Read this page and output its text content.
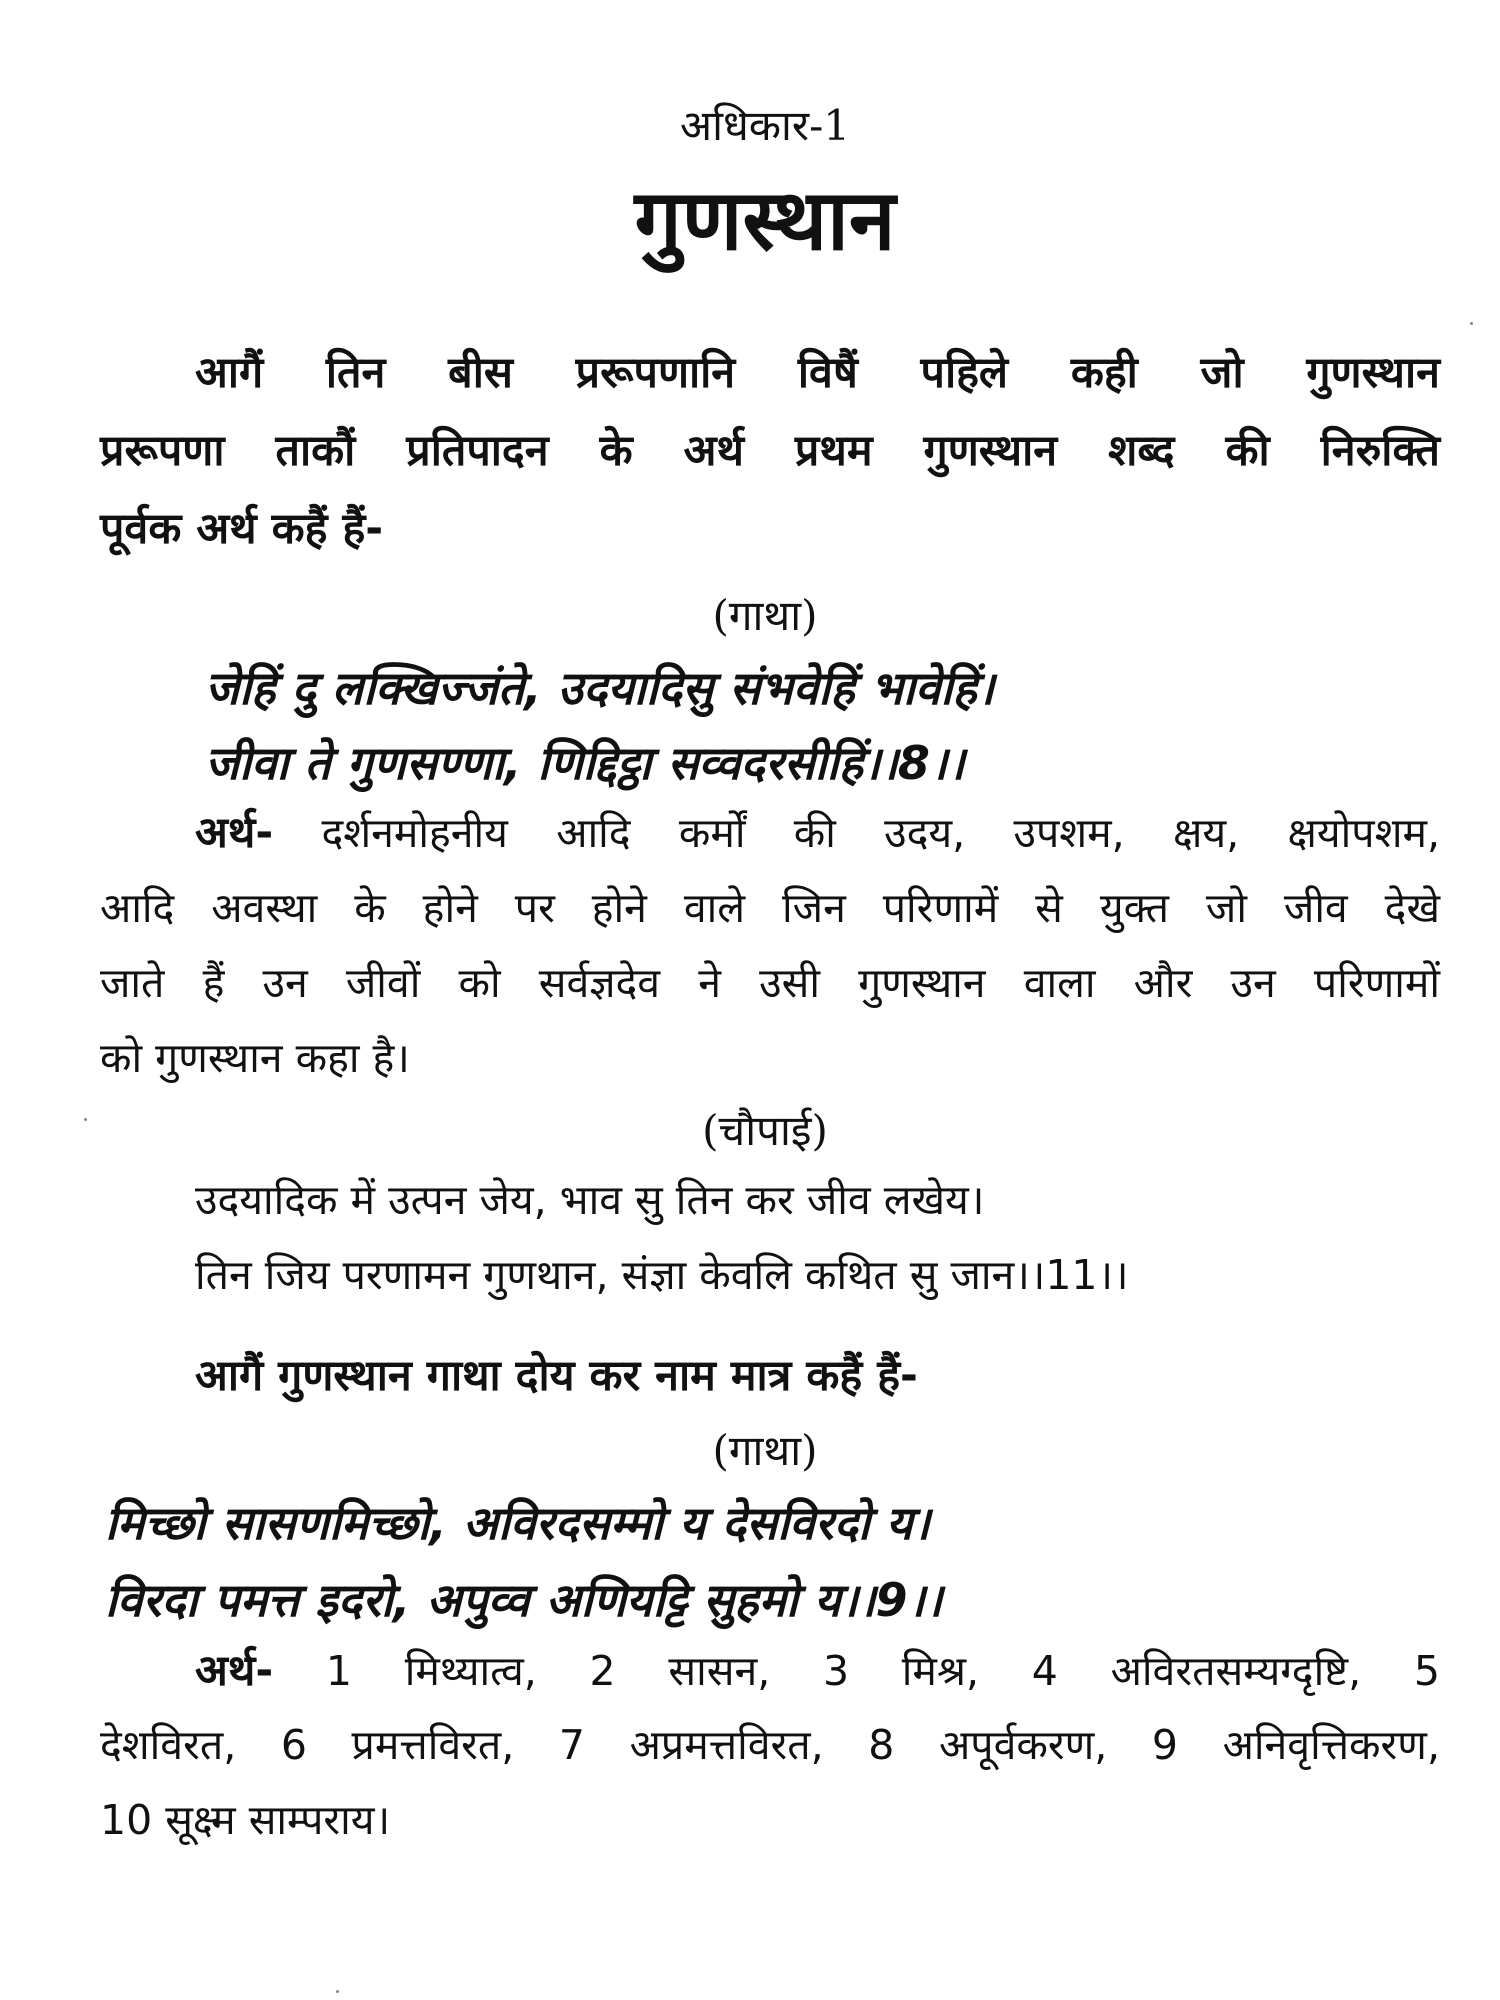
अधिकार-1
गुणस्थान
आगैं तिन बीस प्ररूपणानि विषैं पहिले कही जो गुणस्थान
प्ररूपणा ताकौं प्रतिपादन के अर्थ प्रथम गुणस्थान शब्द की निरुक्ति
पूर्वक अर्थ कहैं हैं-
(गाथा)
जेहिं दु लक्खिज्जंते, उदयादिसु संभवेहिं भावेहिं।
जीवा ते गुणसण्णा, णिद्दिट्ठा सव्वदरसीहिं।।8।।
अर्थ- दर्शनमोहनीय आदि कर्मों की उदय, उपशम, क्षय, क्षयोपशम,
आदि अवस्था के होने पर होने वाले जिन परिणामें से युक्त जो जीव देखे
जाते हैं उन जीवों को सर्वज्ञदेव ने उसी गुणस्थान वाला और उन परिणामों
को गुणस्थान कहा है।
(चौपाई)
उदयादिक में उत्पन जेय, भाव सु तिन कर जीव लखेय।
तिन जिय परणामन गुणथान, संज्ञा केवलि कथित सु जान।।11।।
आगैं गुणस्थान गाथा दोय कर नाम मात्र कहैं हैं-
(गाथा)
मिच्छो सासणमिच्छो, अविरदसम्मो य देसविरदो य।
विरदा पमत्त इदरो, अपुव्व अणियट्टि सुहमो य।।9।।
अर्थ- 1 मिथ्यात्व, 2 सासन, 3 मिश्र, 4 अविरतसम्यग्दृष्टि, 5
देशविरत, 6 प्रमत्तविरत, 7 अप्रमत्तविरत, 8 अपूर्वकरण, 9 अनिवृत्तिकरण,
10 सूक्ष्म साम्पराय।
